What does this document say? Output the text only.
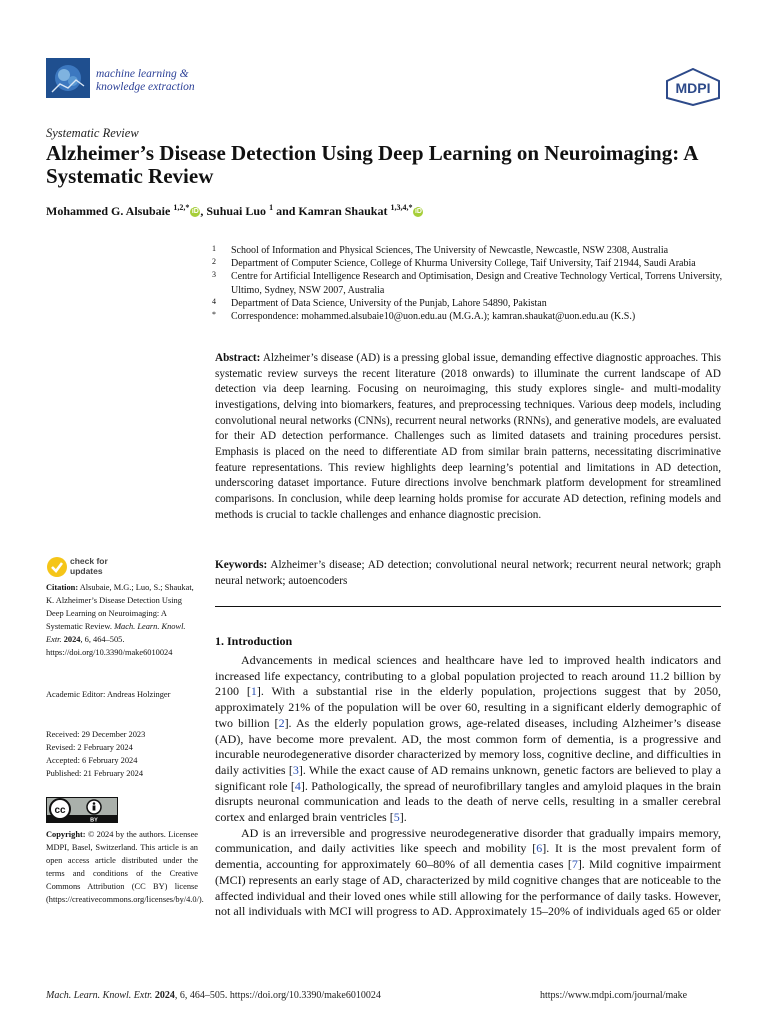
machine learning &
knowledge extraction	MDPI
Systematic Review
Alzheimer’s Disease Detection Using Deep Learning on Neuroimaging: A Systematic Review
Mohammed G. Alsubaie $^{1,2,*}$ iD , Suhuai Luo $^1$ and Kamran Shaukat $^{1,3,4,*}$ iD
1 School of Information and Physical Sciences, The University of Newcastle, Newcastle, NSW 2308, Australia
2 Department of Computer Science, College of Khurma University College, Taif University, Taif 21944, Saudi Arabia
3 Centre for Artificial Intelligence Research and Optimisation, Design and Creative Technology Vertical, Torrens University, Ultimo, Sydney, NSW 2007, Australia
4 Department of Data Science, University of the Punjab, Lahore 54890, Pakistan
* Correspondence: mohammed.alsubaie10@uon.edu.au (M.G.A.); kamran.shaukat@uon.edu.au (K.S.)
Abstract: Alzheimer’s disease (AD) is a pressing global issue, demanding effective diagnostic approaches. This systematic review surveys the recent literature (2018 onwards) to illuminate the current landscape of AD detection via deep learning. Focusing on neuroimaging, this study explores single- and multi-modality investigations, delving into biomarkers, features, and preprocessing techniques. Various deep models, including convolutional neural networks (CNNs), recurrent neural networks (RNNs), and generative models, are evaluated for their AD detection performance. Challenges such as limited datasets and training procedures persist. Emphasis is placed on the need to differentiate AD from similar brain patterns, necessitating discriminative feature representations. This review highlights deep learning’s potential and limitations in AD detection, underscoring dataset importance. Future directions involve benchmark platform development for streamlined comparisons. In conclusion, while deep learning holds promise for accurate AD detection, refining models and methods is crucial to tackle challenges and enhance diagnostic precision.
Keywords: Alzheimer’s disease; AD detection; convolutional neural network; recurrent neural network; graph neural network; autoencoders
check for updates
Citation: Alsubaie, M.G.; Luo, S.; Shaukat, K. Alzheimer’s Disease Detection Using Deep Learning on Neuroimaging: A Systematic Review. Mach. Learn. Knowl. Extr. 2024, 6, 464–505. https://doi.org/10.3390/make6010024
Academic Editor: Andreas Holzinger
Received: 29 December 2023
Revised: 2 February 2024
Accepted: 6 February 2024
Published: 21 February 2024
cc
BY
Copyright: © 2024 by the authors. Licensee MDPI, Basel, Switzerland. This article is an open access article distributed under the terms and conditions of the Creative Commons Attribution (CC BY) license (https://creativecommons.org/licenses/by/4.0/).
1. Introduction

Advancements in medical sciences and healthcare have led to improved health indicators and increased life expectancy, contributing to a global population projected to reach around 11.2 billion by 2100 [1]. With a substantial rise in the elderly population, projections suggest that by 2050, approximately 21% of the population will be over 60, resulting in a significant elderly demographic of two billion [2]. As the elderly population grows, age-related diseases, including Alzheimer’s disease (AD), have become more prevalent. AD, the most common form of dementia, is a progressive and incurable neurodegenerative disorder characterized by memory loss, cognitive decline, and difficulties in daily activities [3]. While the exact cause of AD remains unknown, genetic factors are believed to play a significant role [4]. Pathologically, the spread of neurofibrillary tangles and amyloid plaques in the brain disrupts neuronal communication and leads to the death of nerve cells, resulting in a smaller cerebral cortex and enlarged brain ventricles [5].

AD is an irreversible and progressive neurodegenerative disorder that gradually impairs memory, communication, and daily activities like speech and mobility [6]. It is the most prevalent form of dementia, accounting for approximately 60–80% of all dementia cases [7]. Mild cognitive impairment (MCI) represents an early stage of AD, characterized by mild cognitive changes that are noticeable to the affected individual and their loved ones while still allowing for the performance of daily tasks. However, not all individuals with MCI will progress to AD. Approximately 15–20% of individuals aged 65 or older

Mach. Learn. Knowl. Extr. 2024, 6, 464–505. https://doi.org/10.3390/make6010024	https://www.mdpi.com/journal/make
